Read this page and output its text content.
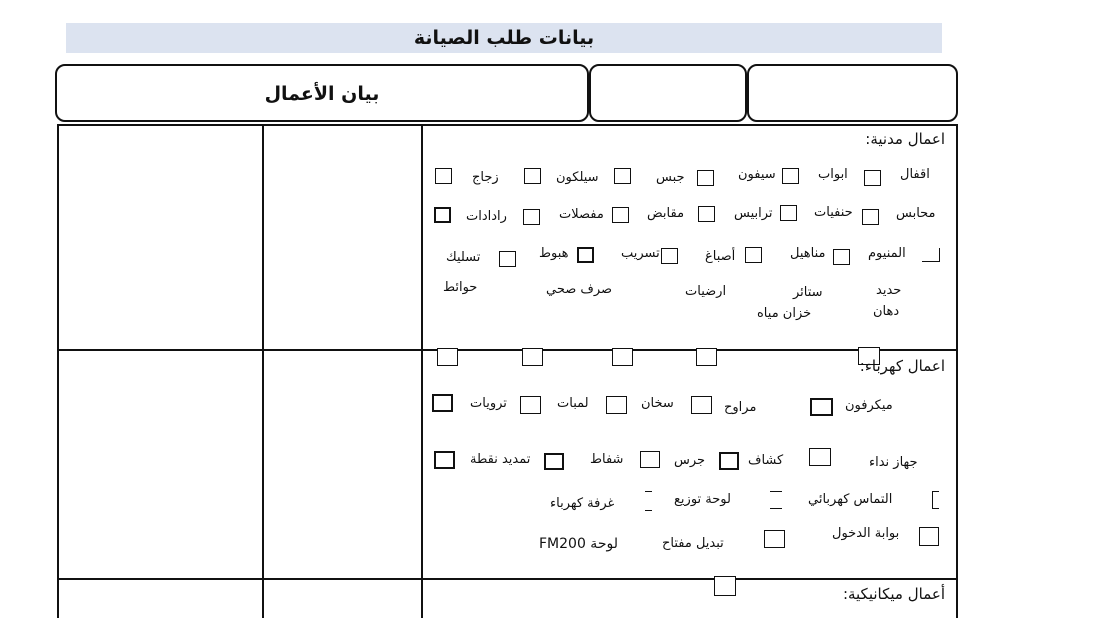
بيانات طلب الصيانة
بيان الأعمال
اعمال مدنية:
اقفال
ابواب
سيفون
جبس
سيلكون
زجاج
محابس
حنفيات
ترابيس
مقابض
مفصلات
رادادات
المنيوم
مناهيل
أصباغ
تسريب
هبوط
تسليك
حديد
ستائر
ارضيات
صرف صحي
حوائط
دهان
خزان مياه
اعمال كهرباء:
ميكرفون
مراوح
سخان
لمبات
ترويات
جهاز نداء
كشاف
جرس
شفاط
تمديد نقطة
التماس كهربائي
لوحة توزيع
غرفة كهرباء
بوابة الدخول
تبديل مفتاح
لوحة FM200
أعمال ميكانيكية:
